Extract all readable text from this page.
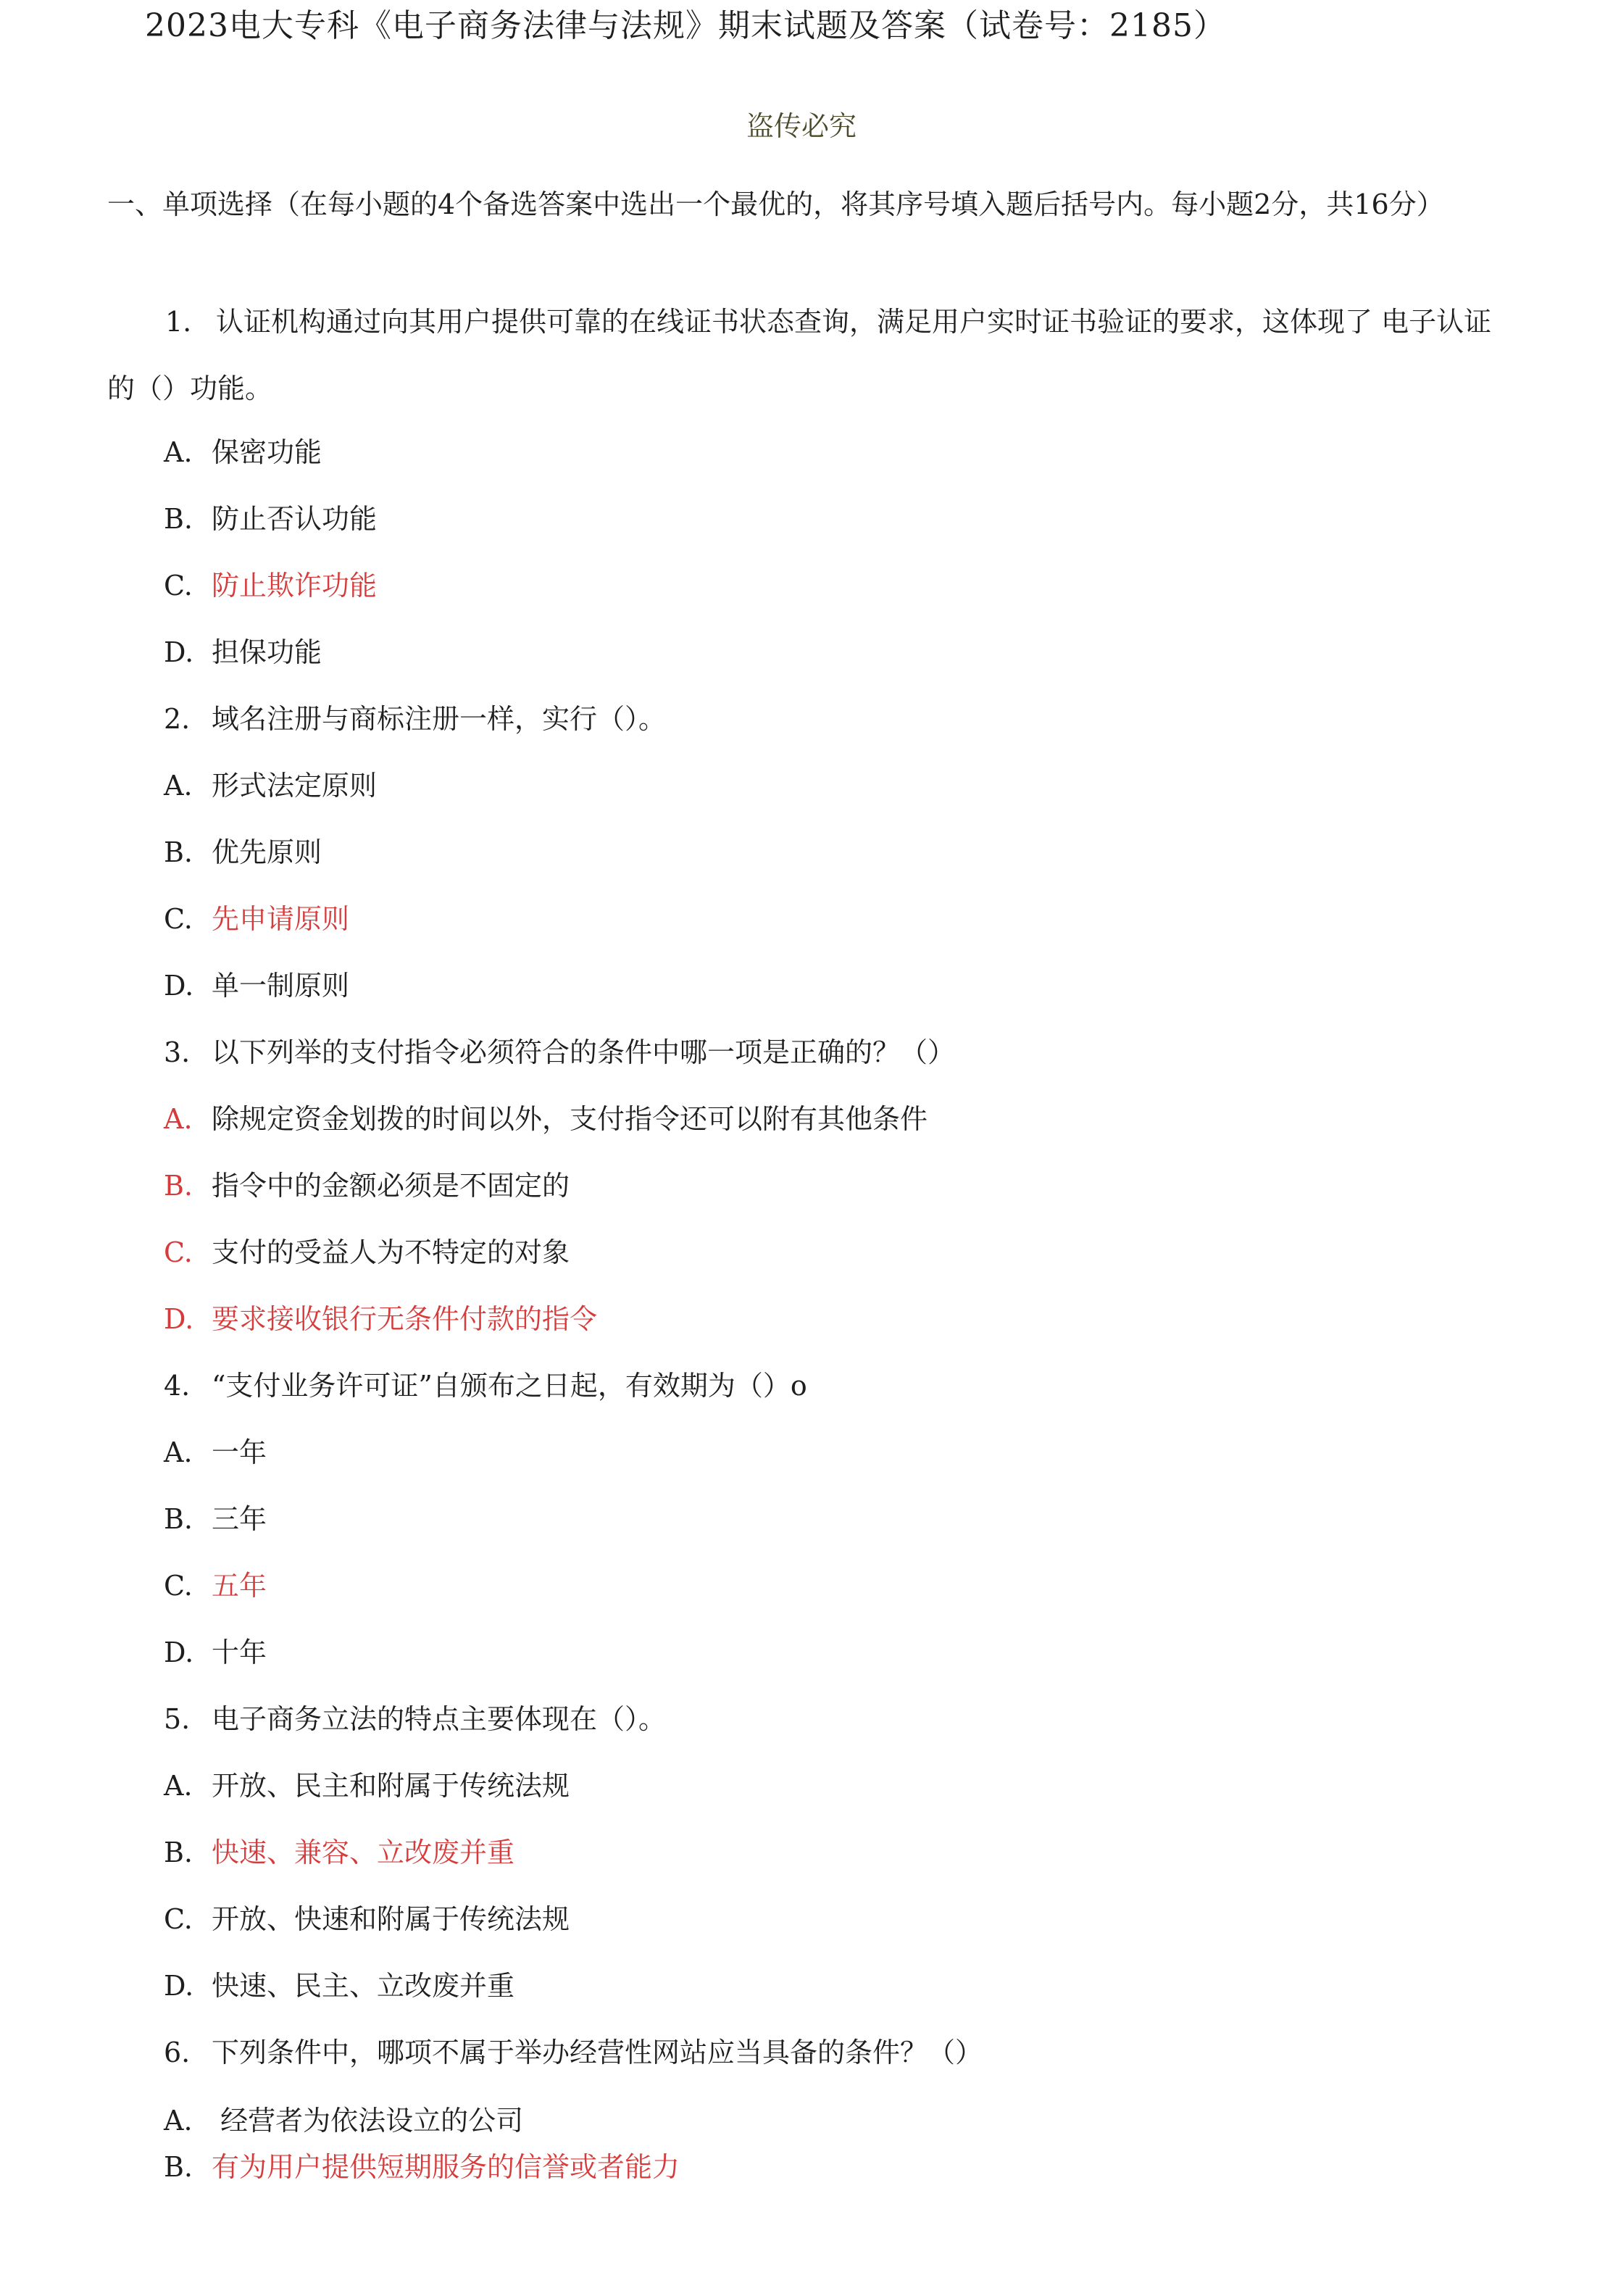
2023电大专科《电子商务法律与法规》期末试题及答案（试卷号：2185）
盗传必究
一、单项选择（在每小题的4个备选答案中选出一个最优的，将其序号填入题后括号内。每小题2分，共16分）
1. 认证机构通过向其用户提供可靠的在线证书状态查询，满足用户实时证书验证的要求，这体现了 电子认证的（）功能。
A. 保密功能
B. 防止否认功能
C. 防止欺诈功能
D. 担保功能
2. 域名注册与商标注册一样，实行（）。
A. 形式法定原则
B. 优先原则
C. 先申请原则
D. 单一制原则
3. 以下列举的支付指令必须符合的条件中哪一项是正确的？（）
A. 除规定资金划拨的时间以外，支付指令还可以附有其他条件
B. 指令中的金额必须是不固定的
C. 支付的受益人为不特定的对象
D. 要求接收银行无条件付款的指令
4. “支付业务许可证”自颁布之日起，有效期为（）o
A. 一年
B. 三年
C. 五年
D. 十年
5. 电子商务立法的特点主要体现在（）。
A. 开放、民主和附属于传统法规
B. 快速、兼容、立改废并重
C. 开放、快速和附属于传统法规
D. 快速、民主、立改废并重
6. 下列条件中，哪项不属于举办经营性网站应当具备的条件？（）
A. 经营者为依法设立的公司
B. 有为用户提供短期服务的信誉或者能力
